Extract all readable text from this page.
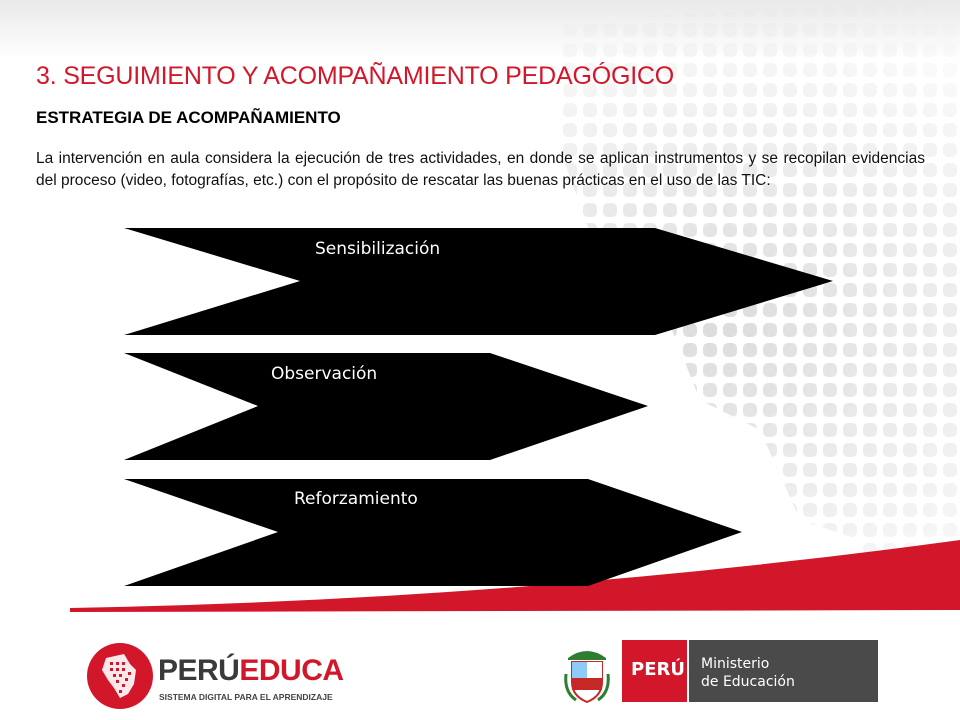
3. SEGUIMIENTO Y ACOMPAÑAMIENTO PEDAGÓGICO
ESTRATEGIA DE ACOMPAÑAMIENTO

La intervención en aula considera la ejecución de tres actividades, en donde se aplican instrumentos y se recopilan evidencias del proceso (video, fotografías, etc.) con el propósito de rescatar las buenas prácticas en el uso de las TIC:

Sensibilización
Observación
Reforzamiento
PERÚEDUCA
SISTEMA DIGITAL PARA EL APRENDIZAJE
PERÚ Ministerio
de Educación
